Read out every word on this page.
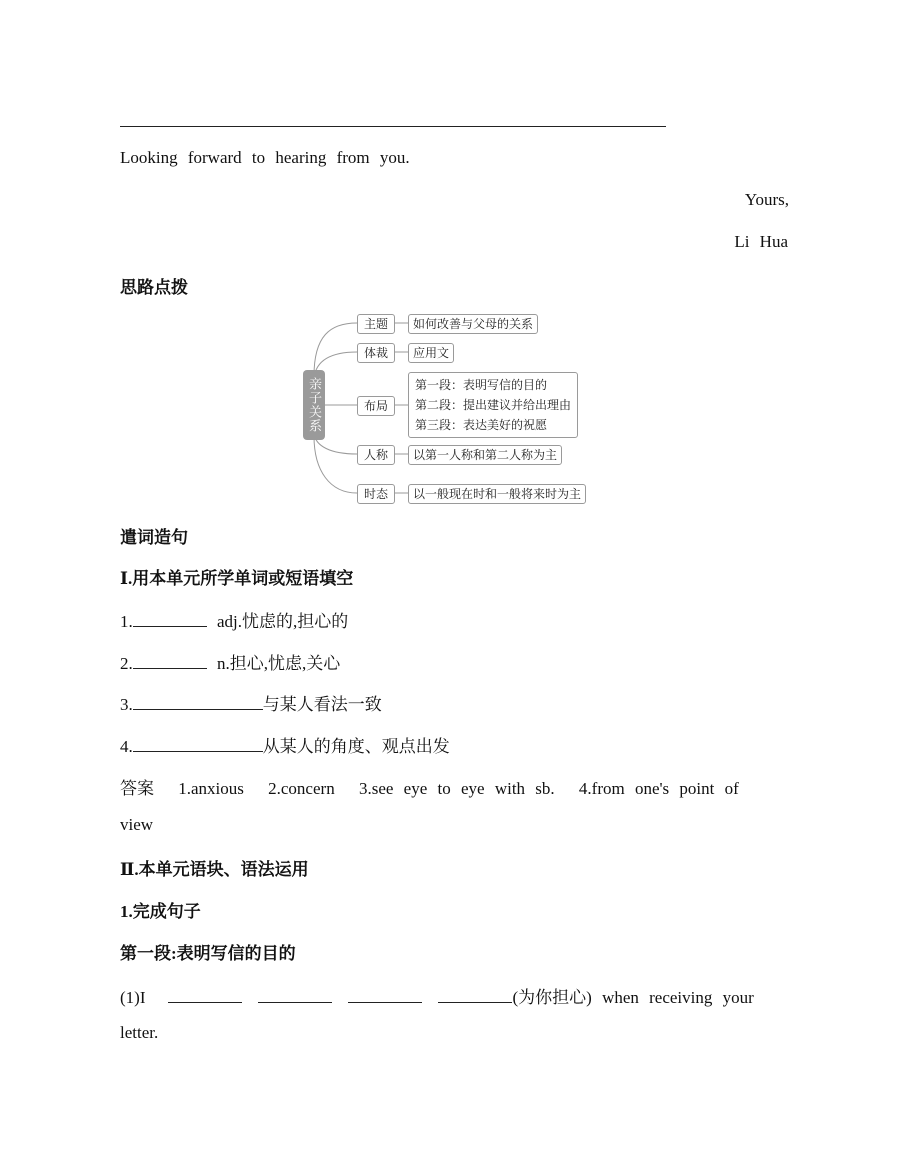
Looking forward to hearing from you.
Yours,
Li Hua
思路点拨
亲子关系
主题	如何改善与父母的关系
体裁	应用文
布局
第一段：表明写信的目的
第二段：提出建议并给出理由
第三段：表达美好的祝愿
人称	以第一人称和第二人称为主
时态	以一般现在时和一般将来时为主
遣词造句
Ⅰ.用本单元所学单词或短语填空
1.	adj.忧虑的,担心的
2.	n.担心,忧虑,关心
3.	与某人看法一致
4.	从某人的角度、观点出发
答案 1.anxious 2.concern 3.see eye to eye with sb. 4.from one's point of
view
Ⅱ.本单元语块、语法运用
1.完成句子
第一段:表明写信的目的
(1)I	(为你担心) when receiving your
letter.
